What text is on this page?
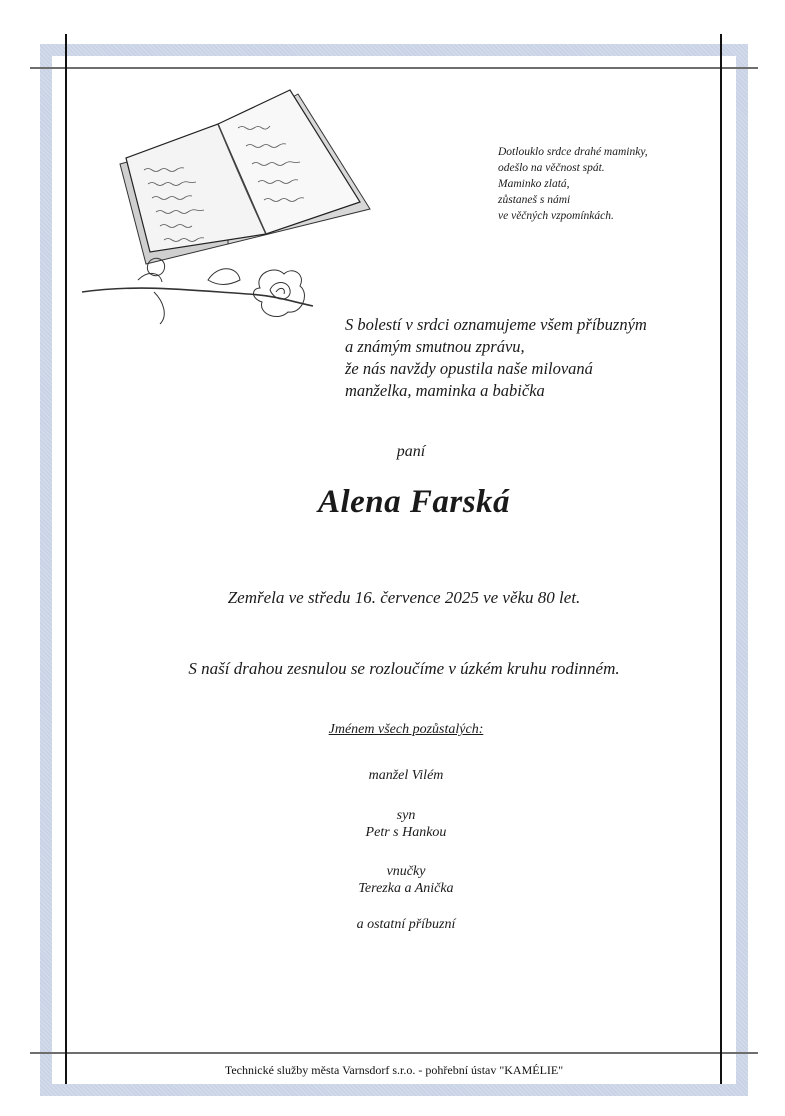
Dotlouklo srdce drahé maminky,
odešlo na věčnost spát.
Maminko zlatá,
zůstaneš s námi
ve věčných vzpomínkách.
S bolestí v srdci oznamujeme všem příbuzným
a známým smutnou zprávu,
že nás navždy opustila naše milovaná
manželka, maminka a babička
paní
Alena Farská
Zemřela ve středu 16. července 2025 ve věku 80 let.
S naší drahou zesnulou se rozloučíme v úzkém kruhu rodinném.
Jménem všech pozůstalých:
manžel Vilém
syn
Petr s Hankou
vnučky
Terezka a Anička
a ostatní příbuzní
Technické služby města Varnsdorf s.r.o. - pohřební ústav "KAMÉLIE"
